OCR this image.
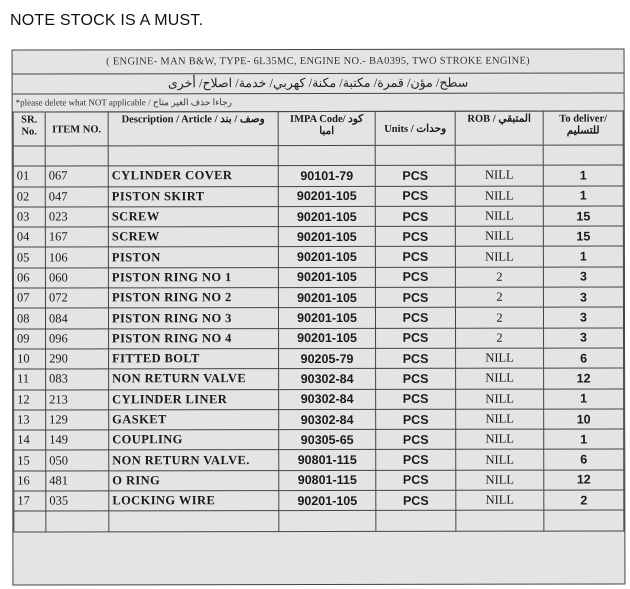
NOTE STOCK IS A MUST.
( ENGINE- MAN B&W, TYPE- 6L35MC, ENGINE NO.- BA0395, TWO STROKE ENGINE)
سطح/ مؤن/ قمرة/ مكتبة/ مكنة/ كهربي/ خدمة/ اصلاح/ أخرى
*please delete what NOT applicable / رجاءا حذف الغير متاح
SR. No.	ITEM NO.	Description / Article / وصف / بند	IMPA Code/ كود امبا	Units / وحدات	ROB / المتبقي	To deliver/ للتسليم

01	067	CYLINDER COVER	90101-79	PCS	NILL	1
02	047	PISTON SKIRT	90201-105	PCS	NILL	1
03	023	SCREW	90201-105	PCS	NILL	15
04	167	SCREW	90201-105	PCS	NILL	15
05	106	PISTON	90201-105	PCS	NILL	1
06	060	PISTON RING NO 1	90201-105	PCS	2	3
07	072	PISTON RING NO 2	90201-105	PCS	2	3
08	084	PISTON RING NO 3	90201-105	PCS	2	3
09	096	PISTON RING NO 4	90201-105	PCS	2	3
10	290	FITTED BOLT	90205-79	PCS	NILL	6
11	083	NON RETURN VALVE	90302-84	PCS	NILL	12
12	213	CYLINDER LINER	90302-84	PCS	NILL	1
13	129	GASKET	90302-84	PCS	NILL	10
14	149	COUPLING	90305-65	PCS	NILL	1
15	050	NON RETURN VALVE.	90801-115	PCS	NILL	6
16	481	O RING	90801-115	PCS	NILL	12
17	035	LOCKING WIRE	90201-105	PCS	NILL	2
